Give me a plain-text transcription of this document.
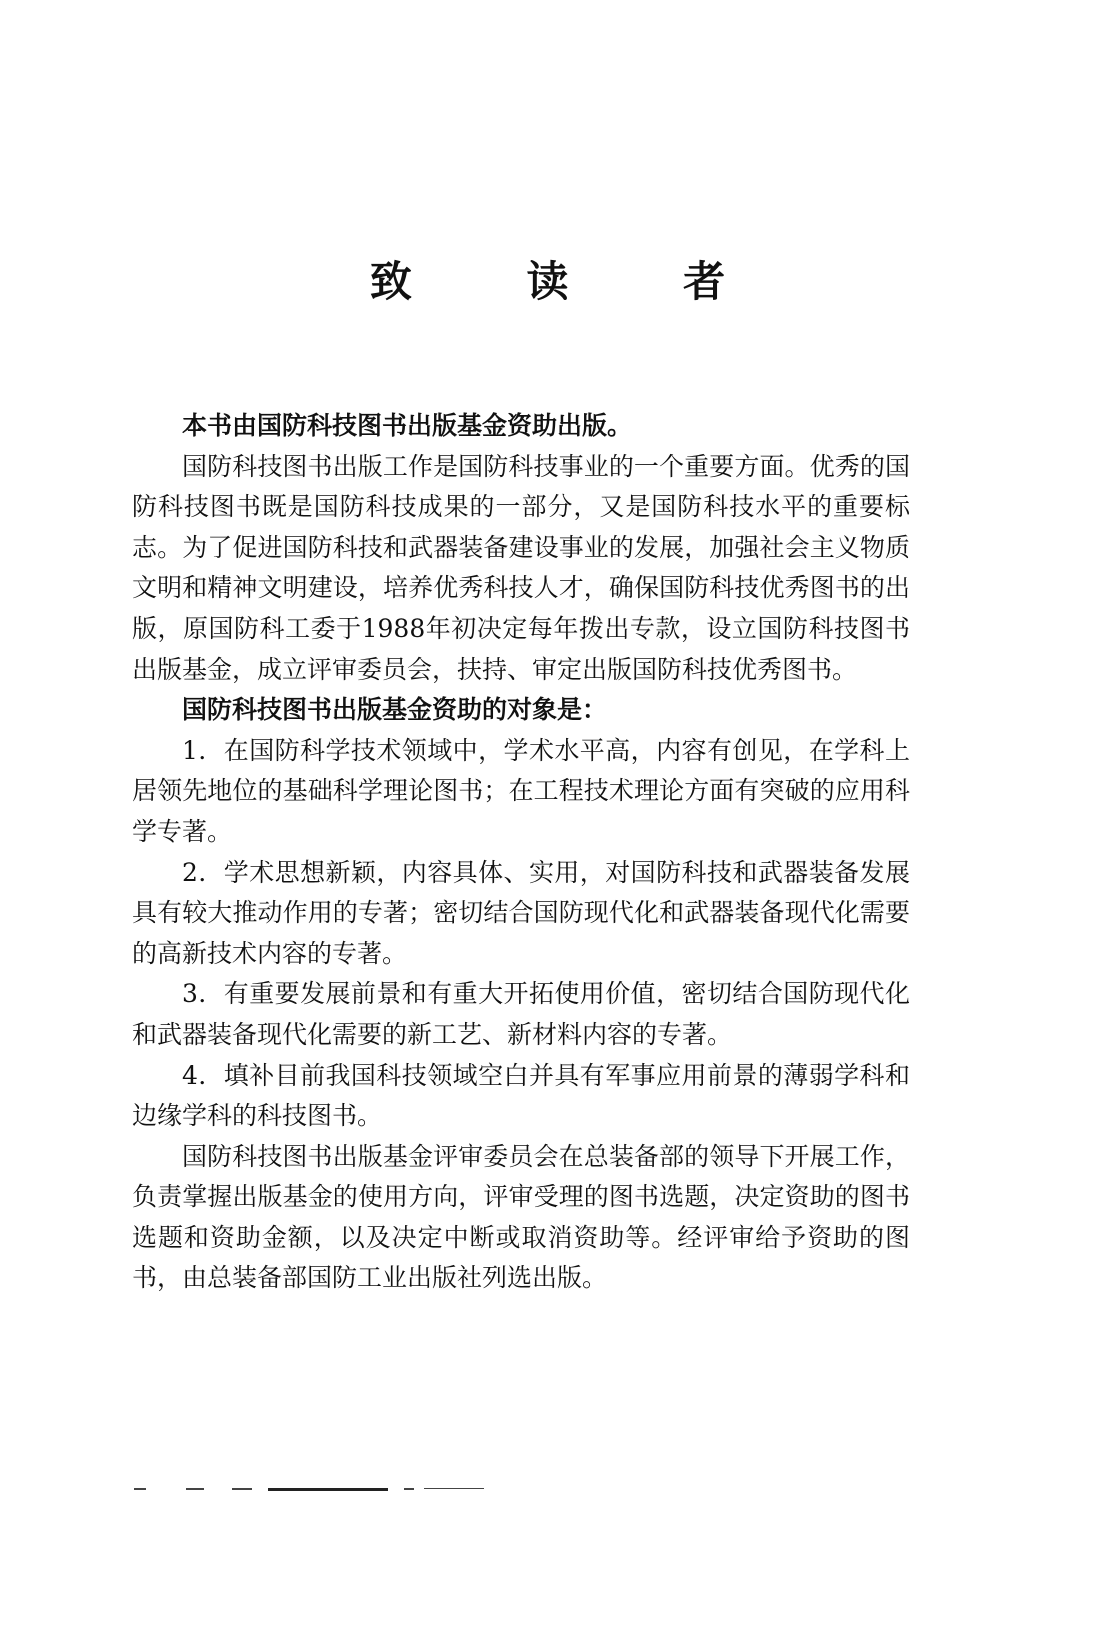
致 读 者

本书由国防科技图书出版基金资助出版。

国防科技图书出版工作是国防科技事业的一个重要方面。优秀的国防科技图书既是国防科技成果的一部分，又是国防科技水平的重要标志。为了促进国防科技和武器装备建设事业的发展，加强社会主义物质文明和精神文明建设，培养优秀科技人才，确保国防科技优秀图书的出版，原国防科工委于1988年初决定每年拨出专款，设立国防科技图书出版基金，成立评审委员会，扶持、审定出版国防科技优秀图书。

国防科技图书出版基金资助的对象是：

1．在国防科学技术领域中，学术水平高，内容有创见，在学科上居领先地位的基础科学理论图书；在工程技术理论方面有突破的应用科学专著。

2．学术思想新颖，内容具体、实用，对国防科技和武器装备发展具有较大推动作用的专著；密切结合国防现代化和武器装备现代化需要的高新技术内容的专著。

3．有重要发展前景和有重大开拓使用价值，密切结合国防现代化和武器装备现代化需要的新工艺、新材料内容的专著。

4．填补目前我国科技领域空白并具有军事应用前景的薄弱学科和边缘学科的科技图书。

国防科技图书出版基金评审委员会在总装备部的领导下开展工作，负责掌握出版基金的使用方向，评审受理的图书选题，决定资助的图书选题和资助金额，以及决定中断或取消资助等。经评审给予资助的图书，由总装备部国防工业出版社列选出版。
